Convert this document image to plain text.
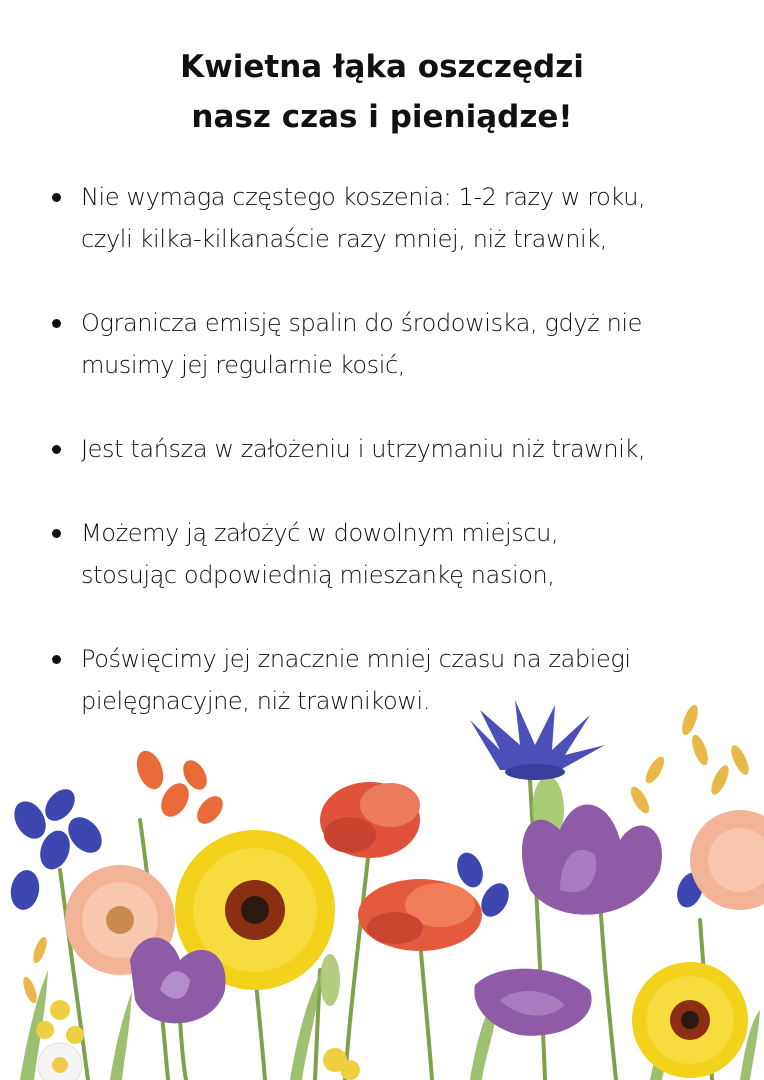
Kwietna łąka oszczędzi
nasz czas i pieniądze!
Nie wymaga częstego koszenia: 1-2 razy w roku,
czyli kilka-kilkanaście razy mniej, niż trawnik,
Ogranicza emisję spalin do środowiska, gdyż nie
musimy jej regularnie kosić,
Jest tańsza w założeniu i utrzymaniu niż trawnik,
Możemy ją założyć w dowolnym miejscu,
stosując odpowiednią mieszankę nasion,
Poświęcimy jej znacznie mniej czasu na zabiegi
pielęgnacyjne, niż trawnikowi.
